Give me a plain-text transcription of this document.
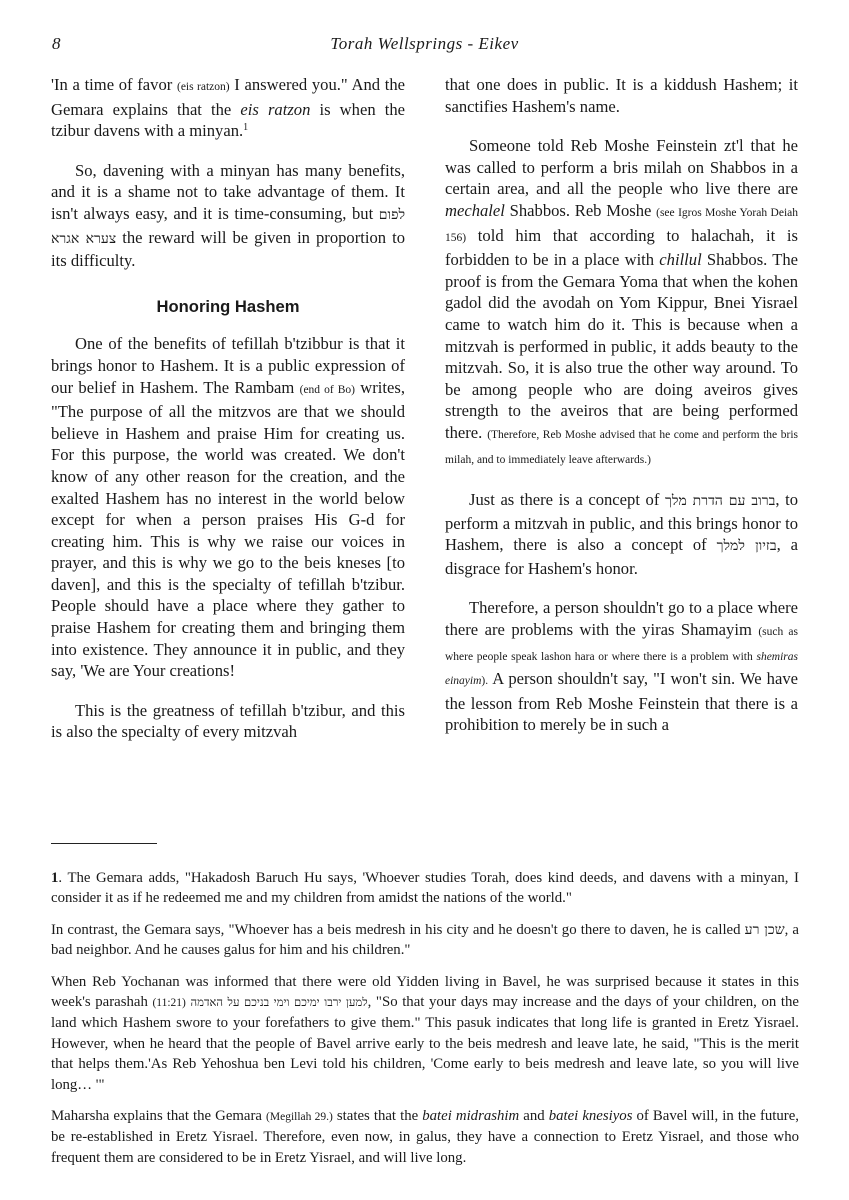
8	Torah Wellsprings - Eikev

'In a time of favor (eis ratzon) I answered you." And the Gemara explains that the eis ratzon is when the tzibur davens with a minyan.$^1$

So, davening with a minyan has many benefits, and it is a shame not to take advantage of them. It isn't always easy, and it is time-consuming, but לפום צערא אגרא the reward will be given in proportion to its difficulty.

Honoring Hashem

One of the benefits of tefillah b'tzibbur is that it brings honor to Hashem. It is a public expression of our belief in Hashem. The Rambam (end of Bo) writes, "The purpose of all the mitzvos are that we should believe in Hashem and praise Him for creating us. For this purpose, the world was created. We don't know of any other reason for the creation, and the exalted Hashem has no interest in the world below except for when a person praises His G-d for creating him. This is why we raise our voices in prayer, and this is why we go to the beis kneses [to daven], and this is the specialty of tefillah b'tzibur. People should have a place where they gather to praise Hashem for creating them and bringing them into existence. They announce it in public, and they say, 'We are Your creations!

This is the greatness of tefillah b'tzibur, and this is also the specialty of every mitzvah

that one does in public. It is a kiddush Hashem; it sanctifies Hashem's name.

Someone told Reb Moshe Feinstein zt'l that he was called to perform a bris milah on Shabbos in a certain area, and all the people who live there are mechalel Shabbos. Reb Moshe (see Igros Moshe Yorah Deiah 156) told him that according to halachah, it is forbidden to be in a place with chillul Shabbos. The proof is from the Gemara Yoma that when the kohen gadol did the avodah on Yom Kippur, Bnei Yisrael came to watch him do it. This is because when a mitzvah is performed in public, it adds beauty to the mitzvah. So, it is also true the other way around. To be among people who are doing aveiros gives strength to the aveiros that are being performed there. (Therefore, Reb Moshe advised that he come and perform the bris milah, and to immediately leave afterwards.)

Just as there is a concept of ברוב עם הדרת מלך, to perform a mitzvah in public, and this brings honor to Hashem, there is also a concept of בזיון למלך, a disgrace for Hashem's honor.

Therefore, a person shouldn't go to a place where there are problems with the yiras Shamayim (such as where people speak lashon hara or where there is a problem with shemiras einayim). A person shouldn't say, "I won't sin. We have the lesson from Reb Moshe Feinstein that there is a prohibition to merely be in such a

1. The Gemara adds, "Hakadosh Baruch Hu says, 'Whoever studies Torah, does kind deeds, and davens with a minyan, I consider it as if he redeemed me and my children from amidst the nations of the world."

In contrast, the Gemara says, "Whoever has a beis medresh in his city and he doesn't go there to daven, he is called שכן רע, a bad neighbor. And he causes galus for him and his children."

When Reb Yochanan was informed that there were old Yidden living in Bavel, he was surprised because it states in this week's parashah (11:21) למען ירבו ימיכם וימי בניכם על האדמה, "So that your days may increase and the days of your children, on the land which Hashem swore to your forefathers to give them." This pasuk indicates that long life is granted in Eretz Yisrael. However, when he heard that the people of Bavel arrive early to the beis medresh and leave late, he said, "This is the merit that helps them.'As Reb Yehoshua ben Levi told his children, 'Come early to beis medresh and leave late, so you will live long… '"

Maharsha explains that the Gemara (Megillah 29.) states that the batei midrashim and batei knesiyos of Bavel will, in the future, be re-established in Eretz Yisrael. Therefore, even now, in galus, they have a connection to Eretz Yisrael, and those who frequent them are considered to be in Eretz Yisrael, and will live long.
